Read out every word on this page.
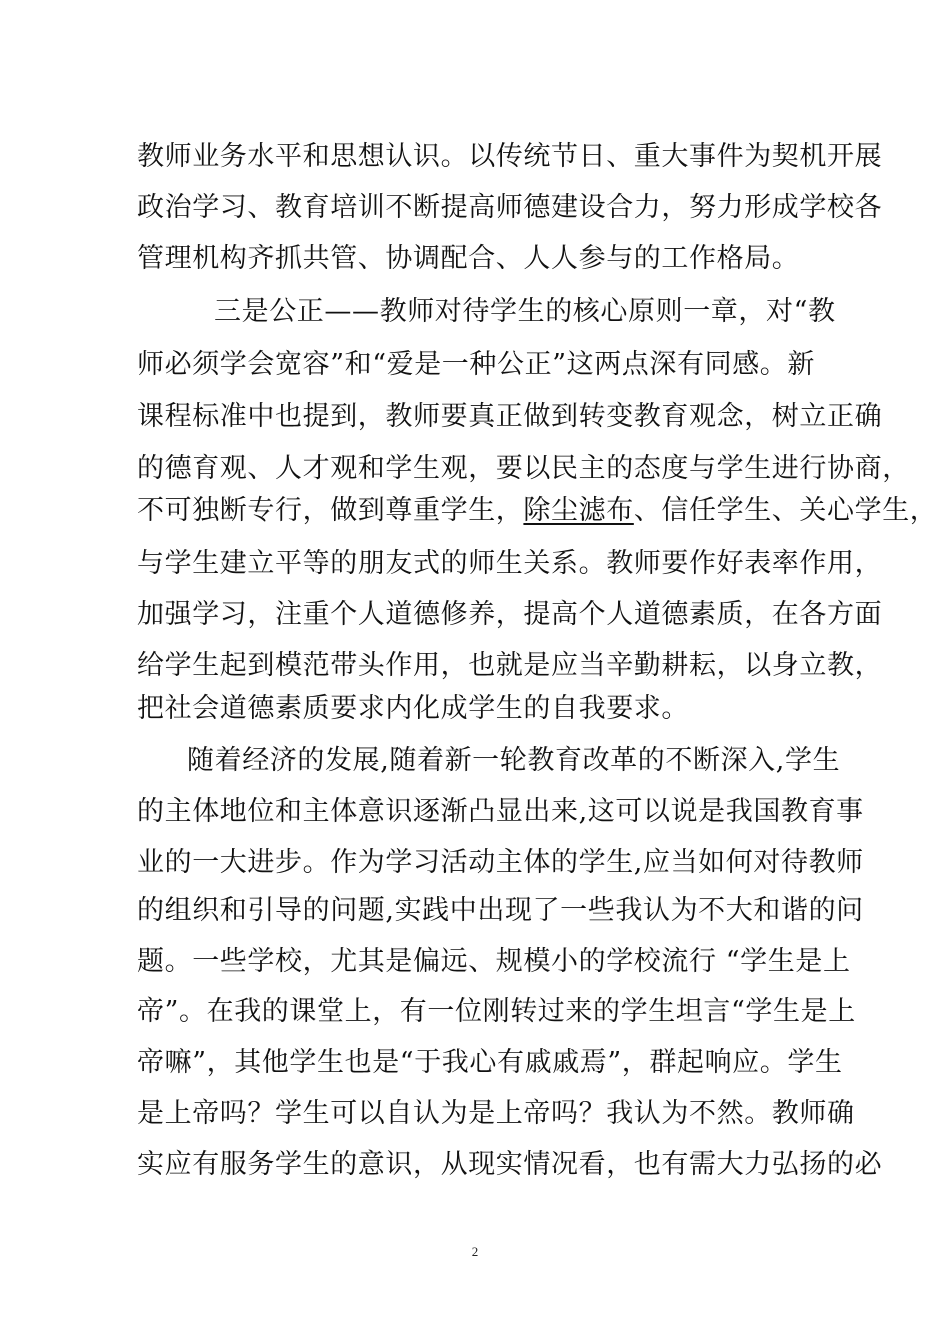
教师业务水平和思想认识。以传统节日、重大事件为契机开展
政治学习、教育培训不断提高师德建设合力，努力形成学校各
管理机构齐抓共管、协调配合、人人参与的工作格局。
三是公正——教师对待学生的核心原则一章，对“教
师必须学会宽容”和“爱是一种公正”这两点深有同感。新
课程标准中也提到，教师要真正做到转变教育观念，树立正确
的德育观、人才观和学生观，要以民主的态度与学生进行协商，
不可独断专行，做到尊重学生，除尘滤布、信任学生、关心学生，
与学生建立平等的朋友式的师生关系。教师要作好表率作用，
加强学习，注重个人道德修养，提高个人道德素质，在各方面
给学生起到模范带头作用，也就是应当辛勤耕耘，以身立教，
把社会道德素质要求内化成学生的自我要求。
随着经济的发展,随着新一轮教育改革的不断深入,学生
的主体地位和主体意识逐渐凸显出来,这可以说是我国教育事
业的一大进步。作为学习活动主体的学生,应当如何对待教师
的组织和引导的问题,实践中出现了一些我认为不大和谐的问
题。一些学校，尤其是偏远、规模小的学校流行 “学生是上
帝”。在我的课堂上，有一位刚转过来的学生坦言“学生是上
帝嘛”，其他学生也是“于我心有戚戚焉”，群起响应。学生
是上帝吗？学生可以自认为是上帝吗？我认为不然。教师确
实应有服务学生的意识，从现实情况看，也有需大力弘扬的必
2
